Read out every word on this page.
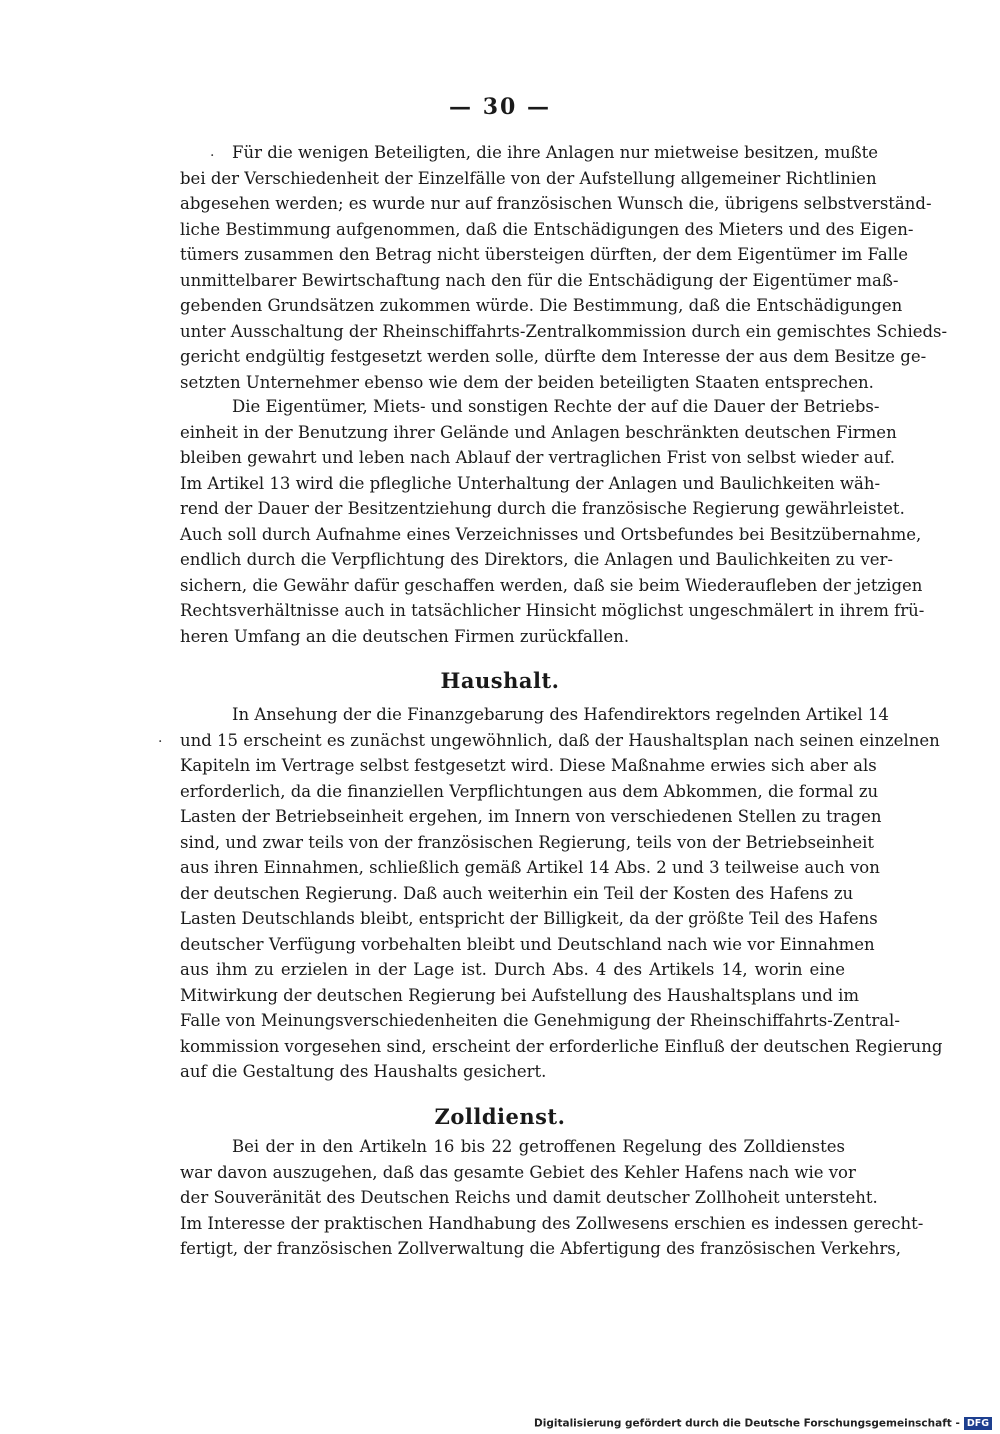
— 30 —
Für die wenigen Beteiligten, die ihre Anlagen nur mietweise besitzen, mußte
bei der Verschiedenheit der Einzelfälle von der Aufstellung allgemeiner Richtlinien
abgesehen werden; es wurde nur auf französischen Wunsch die, übrigens selbstverständ-
liche Bestimmung aufgenommen, daß die Entschädigungen des Mieters und des Eigen-
tümers zusammen den Betrag nicht übersteigen dürften, der dem Eigentümer im Falle
unmittelbarer Bewirtschaftung nach den für die Entschädigung der Eigentümer maß-
gebenden Grundsätzen zukommen würde. Die Bestimmung, daß die Entschädigungen
unter Ausschaltung der Rheinschiffahrts-Zentralkommission durch ein gemischtes Schieds-
gericht endgültig festgesetzt werden solle, dürfte dem Interesse der aus dem Besitze ge-
setzten Unternehmer ebenso wie dem der beiden beteiligten Staaten entsprechen.
Die Eigentümer, Miets- und sonstigen Rechte der auf die Dauer der Betriebs-
einheit in der Benutzung ihrer Gelände und Anlagen beschränkten deutschen Firmen
bleiben gewahrt und leben nach Ablauf der vertraglichen Frist von selbst wieder auf.
Im Artikel 13 wird die pflegliche Unterhaltung der Anlagen und Baulichkeiten wäh-
rend der Dauer der Besitzentziehung durch die französische Regierung gewährleistet.
Auch soll durch Aufnahme eines Verzeichnisses und Ortsbefundes bei Besitzübernahme,
endlich durch die Verpflichtung des Direktors, die Anlagen und Baulichkeiten zu ver-
sichern, die Gewähr dafür geschaffen werden, daß sie beim Wiederaufleben der jetzigen
Rechtsverhältnisse auch in tatsächlicher Hinsicht möglichst ungeschmälert in ihrem frü-
heren Umfang an die deutschen Firmen zurückfallen.
Haushalt.
In Ansehung der die Finanzgebarung des Hafendirektors regelnden Artikel 14
und 15 erscheint es zunächst ungewöhnlich, daß der Haushaltsplan nach seinen einzelnen
Kapiteln im Vertrage selbst festgesetzt wird. Diese Maßnahme erwies sich aber als
erforderlich, da die finanziellen Verpflichtungen aus dem Abkommen, die formal zu
Lasten der Betriebseinheit ergehen, im Innern von verschiedenen Stellen zu tragen
sind, und zwar teils von der französischen Regierung, teils von der Betriebseinheit
aus ihren Einnahmen, schließlich gemäß Artikel 14 Abs. 2 und 3 teilweise auch von
der deutschen Regierung. Daß auch weiterhin ein Teil der Kosten des Hafens zu
Lasten Deutschlands bleibt, entspricht der Billigkeit, da der größte Teil des Hafens
deutscher Verfügung vorbehalten bleibt und Deutschland nach wie vor Einnahmen
aus ihm zu erzielen in der Lage ist. Durch Abs. 4 des Artikels 14, worin eine
Mitwirkung der deutschen Regierung bei Aufstellung des Haushaltsplans und im
Falle von Meinungsverschiedenheiten die Genehmigung der Rheinschiffahrts-Zentral-
kommission vorgesehen sind, erscheint der erforderliche Einfluß der deutschen Regierung
auf die Gestaltung des Haushalts gesichert.
Zolldienst.
Bei der in den Artikeln 16 bis 22 getroffenen Regelung des Zolldienstes
war davon auszugehen, daß das gesamte Gebiet des Kehler Hafens nach wie vor
der Souveränität des Deutschen Reichs und damit deutscher Zollhoheit untersteht.
Im Interesse der praktischen Handhabung des Zollwesens erschien es indessen gerecht-
fertigt, der französischen Zollverwaltung die Abfertigung des französischen Verkehrs,
·
·
Digitalisierung gefördert durch die Deutsche Forschungsgemeinschaft - DFG
